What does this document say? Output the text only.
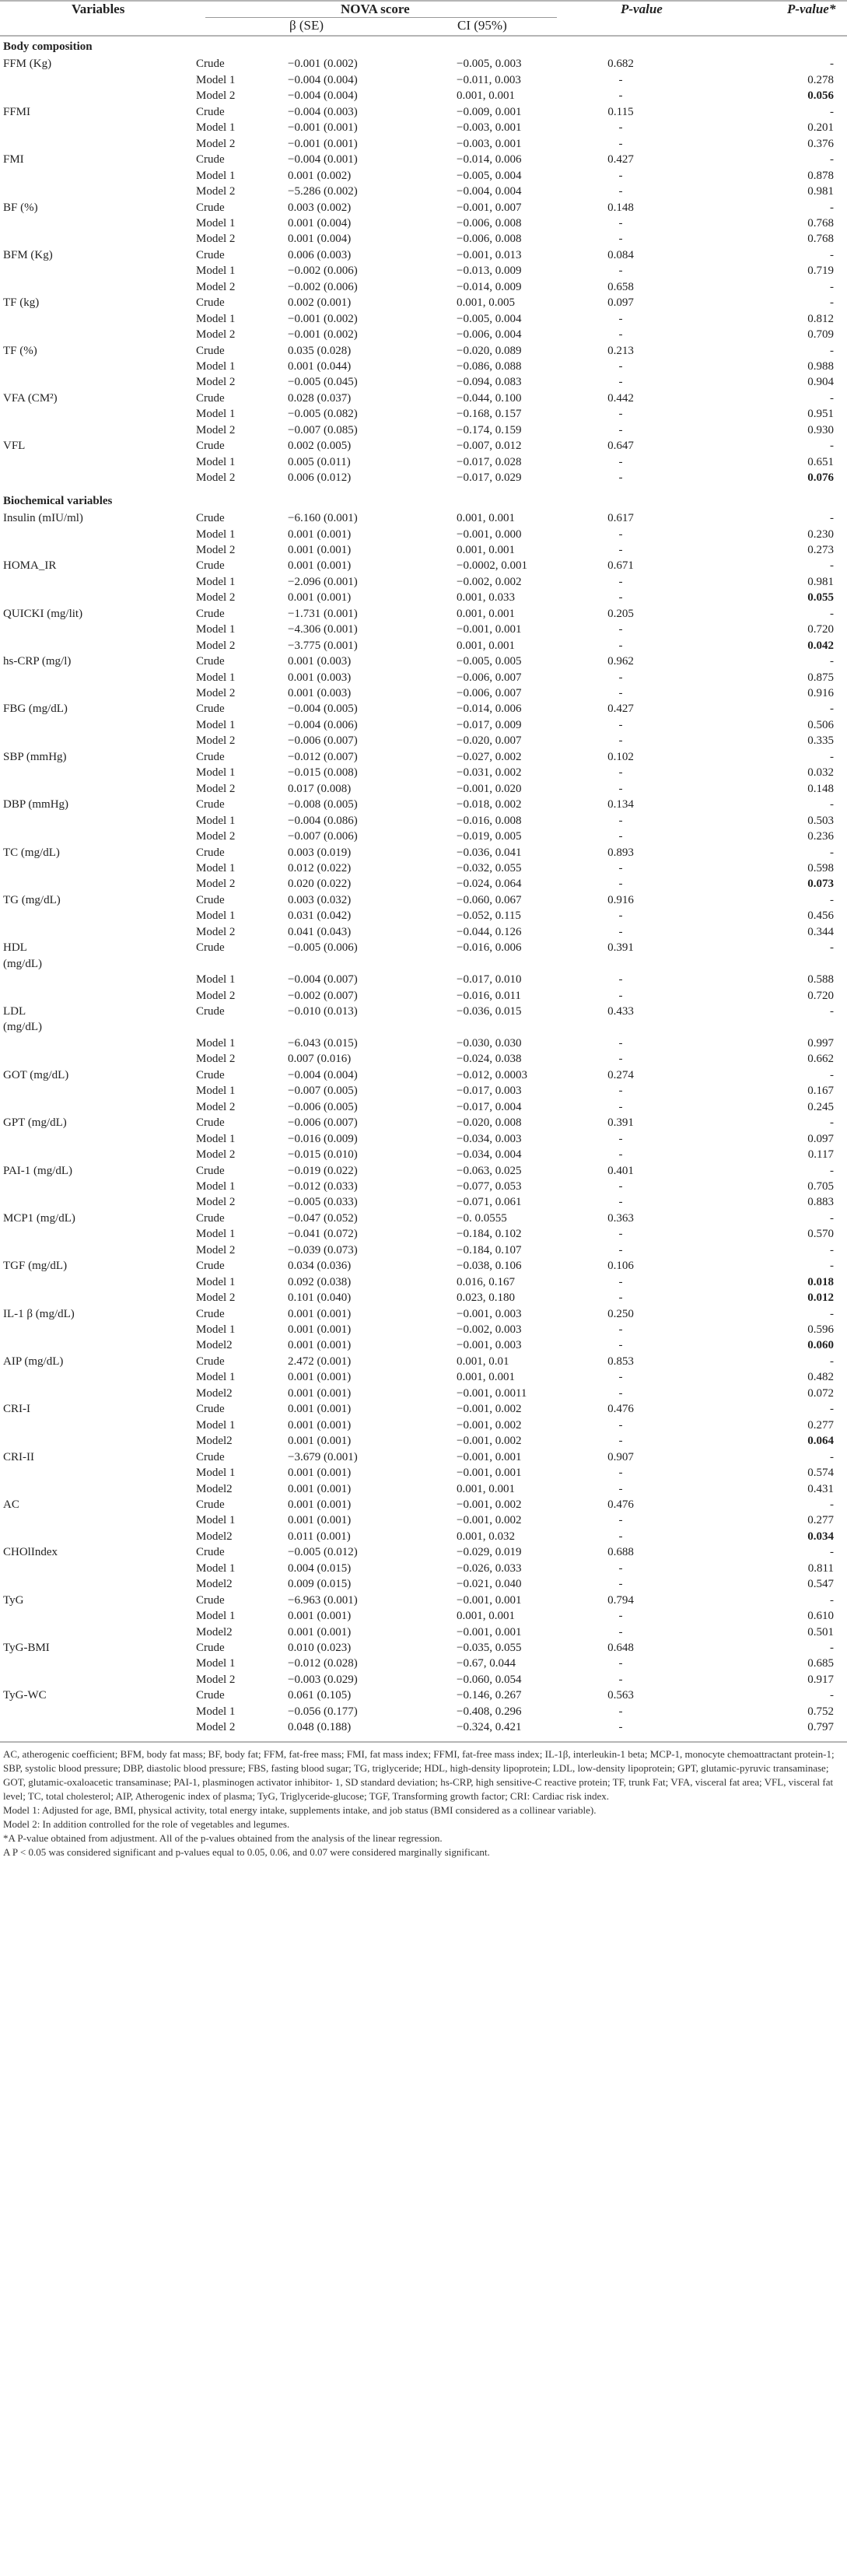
Variables	NOVA score	P-value	P-value*
β (SE)	CI (95%)
Body composition
FFM (Kg)	Crude	−0.001 (0.002)	−0.005, 0.003	0.682	-
Model 1	−0.004 (0.004)	−0.011, 0.003	-	0.278
Model 2	−0.004 (0.004)	0.001, 0.001	-	0.056
FFMI	Crude	−0.004 (0.003)	−0.009, 0.001	0.115	-
Model 1	−0.001 (0.001)	−0.003, 0.001	-	0.201
Model 2	−0.001 (0.001)	−0.003, 0.001	-	0.376
FMI	Crude	−0.004 (0.001)	−0.014, 0.006	0.427	-
Model 1	0.001 (0.002)	−0.005, 0.004	-	0.878
Model 2	−5.286 (0.002)	−0.004, 0.004	-	0.981
BF (%)	Crude	0.003 (0.002)	−0.001, 0.007	0.148	-
Model 1	0.001 (0.004)	−0.006, 0.008	-	0.768
Model 2	0.001 (0.004)	−0.006, 0.008	-	0.768
BFM (Kg)	Crude	0.006 (0.003)	−0.001, 0.013	0.084	-
Model 1	−0.002 (0.006)	−0.013, 0.009	-	0.719
Model 2	−0.002 (0.006)	−0.014, 0.009	0.658	-
TF (kg)	Crude	0.002 (0.001)	0.001, 0.005	0.097	-
Model 1	−0.001 (0.002)	−0.005, 0.004	-	0.812
Model 2	−0.001 (0.002)	−0.006, 0.004	-	0.709
TF (%)	Crude	0.035 (0.028)	−0.020, 0.089	0.213	-
Model 1	0.001 (0.044)	−0.086, 0.088	-	0.988
Model 2	−0.005 (0.045)	−0.094, 0.083	-	0.904
VFA (CM²)	Crude	0.028 (0.037)	−0.044, 0.100	0.442	-
Model 1	−0.005 (0.082)	−0.168, 0.157	-	0.951
Model 2	−0.007 (0.085)	−0.174, 0.159	-	0.930
VFL	Crude	0.002 (0.005)	−0.007, 0.012	0.647	-
Model 1	0.005 (0.011)	−0.017, 0.028	-	0.651
Model 2	0.006 (0.012)	−0.017, 0.029	-	0.076
Biochemical variables
Insulin (mIU/ml)	Crude	−6.160 (0.001)	0.001, 0.001	0.617	-
Model 1	0.001 (0.001)	−0.001, 0.000	-	0.230
Model 2	0.001 (0.001)	0.001, 0.001	-	0.273
HOMA_IR	Crude	0.001 (0.001)	−0.0002, 0.001	0.671	-
Model 1	−2.096 (0.001)	−0.002, 0.002	-	0.981
Model 2	0.001 (0.001)	0.001, 0.033	-	0.055
QUICKI (mg/lit)	Crude	−1.731 (0.001)	0.001, 0.001	0.205	-
Model 1	−4.306 (0.001)	−0.001, 0.001	-	0.720
Model 2	−3.775 (0.001)	0.001, 0.001	-	0.042
hs-CRP (mg/l)	Crude	0.001 (0.003)	−0.005, 0.005	0.962	-
Model 1	0.001 (0.003)	−0.006, 0.007	-	0.875
Model 2	0.001 (0.003)	−0.006, 0.007	-	0.916
FBG (mg/dL)	Crude	−0.004 (0.005)	−0.014, 0.006	0.427	-
Model 1	−0.004 (0.006)	−0.017, 0.009	-	0.506
Model 2	−0.006 (0.007)	−0.020, 0.007	-	0.335
SBP (mmHg)	Crude	−0.012 (0.007)	−0.027, 0.002	0.102	-
Model 1	−0.015 (0.008)	−0.031, 0.002	-	0.032
Model 2	0.017 (0.008)	−0.001, 0.020	-	0.148
DBP (mmHg)	Crude	−0.008 (0.005)	−0.018, 0.002	0.134	-
Model 1	−0.004 (0.086)	−0.016, 0.008	-	0.503
Model 2	−0.007 (0.006)	−0.019, 0.005	-	0.236
TC (mg/dL)	Crude	0.003 (0.019)	−0.036, 0.041	0.893	-
Model 1	0.012 (0.022)	−0.032, 0.055	-	0.598
Model 2	0.020 (0.022)	−0.024, 0.064	-	0.073
TG (mg/dL)	Crude	0.003 (0.032)	−0.060, 0.067	0.916	-
Model 1	0.031 (0.042)	−0.052, 0.115	-	0.456
Model 2	0.041 (0.043)	−0.044, 0.126	-	0.344
HDL
(mg/dL)
Crude	−0.005 (0.006)	−0.016, 0.006	0.391	-
Model 1	−0.004 (0.007)	−0.017, 0.010	-	0.588
Model 2	−0.002 (0.007)	−0.016, 0.011	-	0.720
LDL
(mg/dL)
Crude	−0.010 (0.013)	−0.036, 0.015	0.433	-
Model 1	−6.043 (0.015)	−0.030, 0.030	-	0.997
Model 2	0.007 (0.016)	−0.024, 0.038	-	0.662
GOT (mg/dL)	Crude	−0.004 (0.004)	−0.012, 0.0003	0.274	-
Model 1	−0.007 (0.005)	−0.017, 0.003	-	0.167
Model 2	−0.006 (0.005)	−0.017, 0.004	-	0.245
GPT (mg/dL)	Crude	−0.006 (0.007)	−0.020, 0.008	0.391	-
Model 1	−0.016 (0.009)	−0.034, 0.003	-	0.097
Model 2	−0.015 (0.010)	−0.034, 0.004	-	0.117
PAI-1 (mg/dL)	Crude	−0.019 (0.022)	−0.063, 0.025	0.401	-
Model 1	−0.012 (0.033)	−0.077, 0.053	-	0.705
Model 2	−0.005 (0.033)	−0.071, 0.061	-	0.883
MCP1 (mg/dL)	Crude	−0.047 (0.052)	−0. 0.0555	0.363	-
Model 1	−0.041 (0.072)	−0.184, 0.102	-	0.570
Model 2	−0.039 (0.073)	−0.184, 0.107	-	-
TGF (mg/dL)	Crude	0.034 (0.036)	−0.038, 0.106	0.106	-
Model 1	0.092 (0.038)	0.016, 0.167	-	0.018
Model 2	0.101 (0.040)	0.023, 0.180	-	0.012
IL-1 β (mg/dL)	Crude	0.001 (0.001)	−0.001, 0.003	0.250	-
Model 1	0.001 (0.001)	−0.002, 0.003	-	0.596
Model2	0.001 (0.001)	−0.001, 0.003	-	0.060
AIP (mg/dL)	Crude	2.472 (0.001)	0.001, 0.01	0.853	-
Model 1	0.001 (0.001)	0.001, 0.001	-	0.482
Model2	0.001 (0.001)	−0.001, 0.0011	-	0.072
CRI-I	Crude	0.001 (0.001)	−0.001, 0.002	0.476	-
Model 1	0.001 (0.001)	−0.001, 0.002	-	0.277
Model2	0.001 (0.001)	−0.001, 0.002	-	0.064
CRI-II	Crude	−3.679 (0.001)	−0.001, 0.001	0.907	-
Model 1	0.001 (0.001)	−0.001, 0.001	-	0.574
Model2	0.001 (0.001)	0.001, 0.001	-	0.431
AC	Crude	0.001 (0.001)	−0.001, 0.002	0.476	-
Model 1	0.001 (0.001)	−0.001, 0.002	-	0.277
Model2	0.011 (0.001)	0.001, 0.032	-	0.034
CHOlIndex	Crude	−0.005 (0.012)	−0.029, 0.019	0.688	-
Model 1	0.004 (0.015)	−0.026, 0.033	-	0.811
Model2	0.009 (0.015)	−0.021, 0.040	-	0.547
TyG	Crude	−6.963 (0.001)	−0.001, 0.001	0.794	-
Model 1	0.001 (0.001)	0.001, 0.001	-	0.610
Model2	0.001 (0.001)	−0.001, 0.001	-	0.501
TyG-BMI	Crude	0.010 (0.023)	−0.035, 0.055	0.648	-
Model 1	−0.012 (0.028)	−0.67, 0.044	-	0.685
Model 2	−0.003 (0.029)	−0.060, 0.054	-	0.917
TyG-WC	Crude	0.061 (0.105)	−0.146, 0.267	0.563	-
Model 1	−0.056 (0.177)	−0.408, 0.296	-	0.752
Model 2	0.048 (0.188)	−0.324, 0.421	-	0.797

AC, atherogenic coefficient; BFM, body fat mass; BF, body fat; FFM, fat-free mass; FMI, fat mass index; FFMI, fat-free mass index; IL-1β, interleukin-1 beta; MCP-1, monocyte chemoattractant protein-1; SBP, systolic blood pressure; DBP, diastolic blood pressure; FBS, fasting blood sugar; TG, triglyceride; HDL, high-density lipoprotein; LDL, low-density lipoprotein; GPT, glutamic-pyruvic transaminase; GOT, glutamic-oxaloacetic transaminase; PAI-1, plasminogen activator inhibitor- 1, SD standard deviation; hs-CRP, high sensitive-C reactive protein; TF, trunk Fat; VFA, visceral fat area; VFL, visceral fat level; TC, total cholesterol; AIP, Atherogenic index of plasma; TyG, Triglyceride-glucose; TGF, Transforming growth factor; CRI: Cardiac risk index.

Model 1: Adjusted for age, BMI, physical activity, total energy intake, supplements intake, and job status (BMI considered as a collinear variable).

Model 2: In addition controlled for the role of vegetables and legumes.

*A P-value obtained from adjustment. All of the p-values obtained from the analysis of the linear regression.

A P < 0.05 was considered significant and p-values equal to 0.05, 0.06, and 0.07 were considered marginally significant.
